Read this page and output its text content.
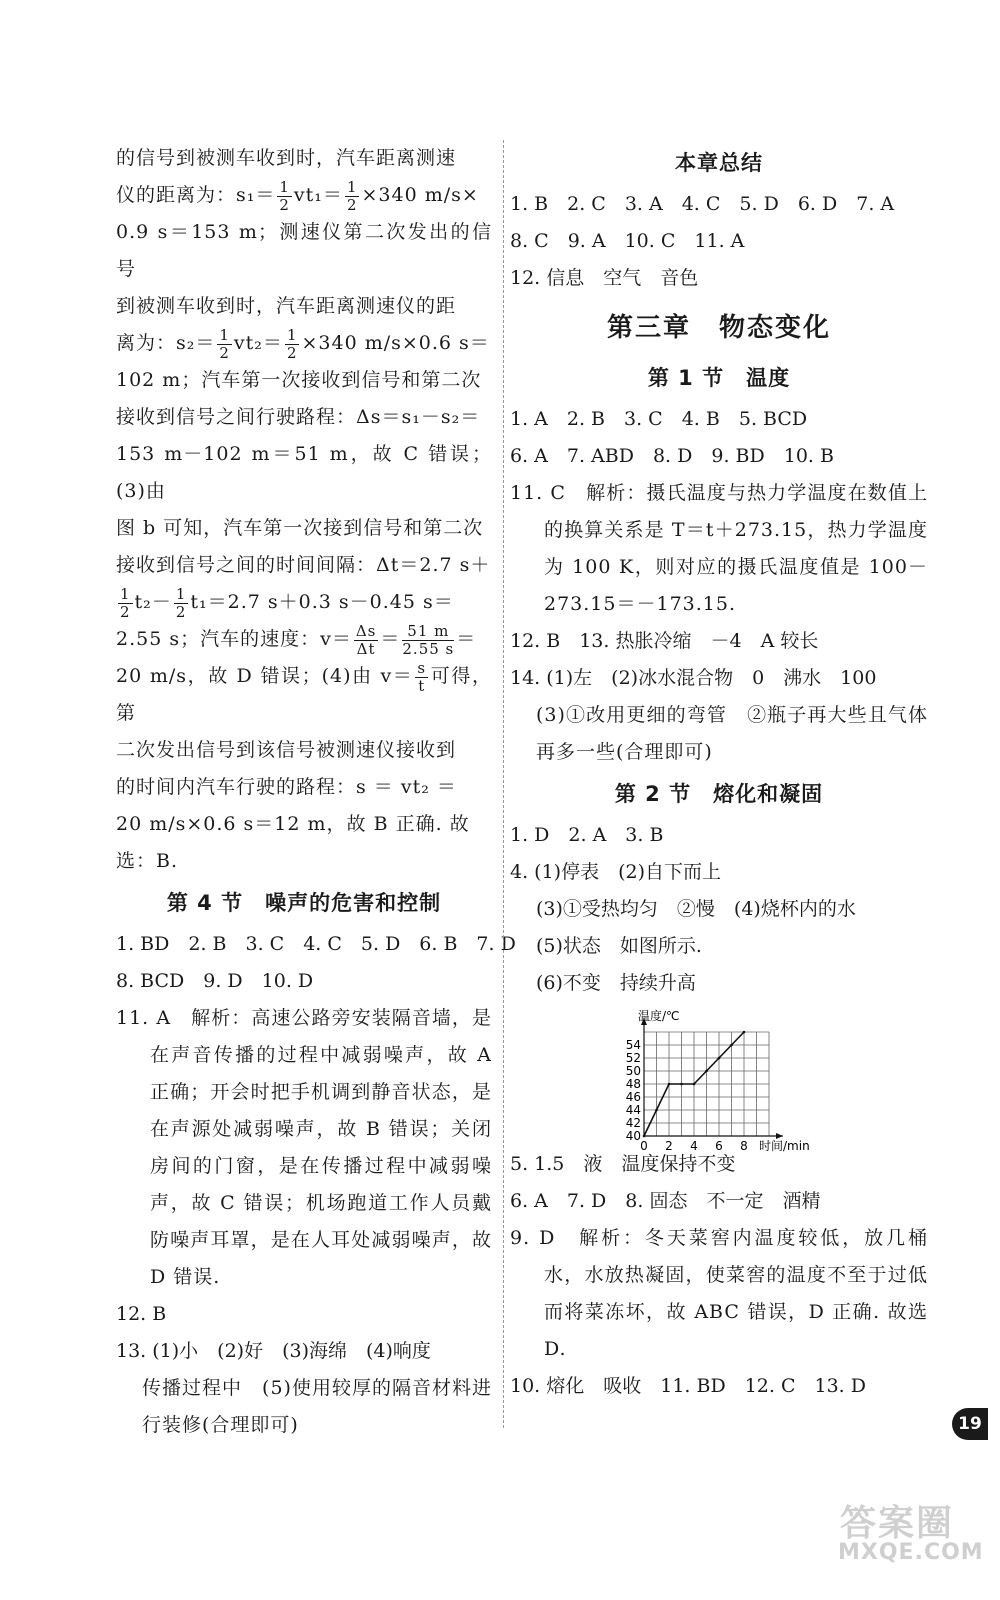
的信号到被测车收到时，汽车距离测速
仪的距离为：$s_1= \frac{1}{2} vt_1= \frac{1}{2} \times 340$ m/s×
0.9 s＝153 m；测速仪第二次发出的信号
到被测车收到时，汽车距离测速仪的距
离为：$s_2= \frac{1}{2} vt_2= \frac{1}{2} \times 340$ m/s×0.6 s＝
102 m；汽车第一次接收到信号和第二次
接收到信号之间行驶路程：Δs＝s₁－s₂＝
153 m－102 m＝51 m，故 C 错误；(3)由
图 b 可知，汽车第一次接到信号和第二次
接收到信号之间的时间间隔：Δt＝2.7 s＋

$\frac{1}{2} t_2- \frac{1}{2} t_1=2.7$ s＋0.3 s－0.45 s＝
2.55 s；汽车的速度：$v= \frac{\Delta s}{\Delta t} = \frac{51 m}{2.55 s}$ ＝
20 m/s，故 D 错误；(4)由 $v= \frac{s}{t}$ 可得，第
二次发出信号到该信号被测速仪接收到
的时间内汽车行驶的路程：s ＝ vt₂ ＝
20 m/s×0.6 s＝12 m，故 B 正确. 故
选：B.

第 4 节　噪声的危害和控制

1. BD　2. B　3. C　4. C　5. D　6. B　7. D

8. BCD　9. D　10. D

11. A　解析：高速公路旁安装隔音墙，是在声音传播的过程中减弱噪声，故 A 正确；开会时把手机调到静音状态，是在声源处减弱噪声，故 B 错误；关闭房间的门窗，是在传播过程中减弱噪声，故 C 错误；机场跑道工作人员戴防噪声耳罩，是在人耳处减弱噪声，故 D 错误.

12. B

13. (1)小　(2)好　(3)海绵　(4)响度

传播过程中　(5)使用较厚的隔音材料进行装修(合理即可)

本章总结

1. B　2. C　3. A　4. C　5. D　6. D　7. A

8. C　9. A　10. C　11. A

12. 信息　空气　音色

第三章　物态变化

第 1 节　温度

1. A　2. B　3. C　4. B　5. BCD

6. A　7. ABD　8. D　9. BD　10. B

11. C　解析：摄氏温度与热力学温度在数值上的换算关系是 T＝t＋273.15，热力学温度为 100 K，则对应的摄氏温度值是 100－273.15＝－173.15.

12. B　13. 热胀冷缩　－4　A 较长

14. (1)左　(2)冰水混合物　0　沸水　100

(3)①改用更细的弯管　②瓶子再大些且气体再多一些(合理即可)

第 2 节　熔化和凝固

1. D　2. A　3. B

4. (1)停表　(2)自下而上

(3)①受热均匀　②慢　(4)烧杯内的水

(5)状态　如图所示.

(6)不变　持续升高

40
42
44
46
48
50
52
54
0 2 4 6 8
温度/℃
时间/min

5. 1.5　液　温度保持不变

6. A　7. D　8. 固态　不一定　酒精

9. D　解析：冬天菜窖内温度较低，放几桶水，水放热凝固，使菜窖的温度不至于过低而将菜冻坏，故 ABC 错误，D 正确. 故选 D.

10. 熔化　吸收　11. BD　12. C　13. D

19
答案圈
MXQE.COM
